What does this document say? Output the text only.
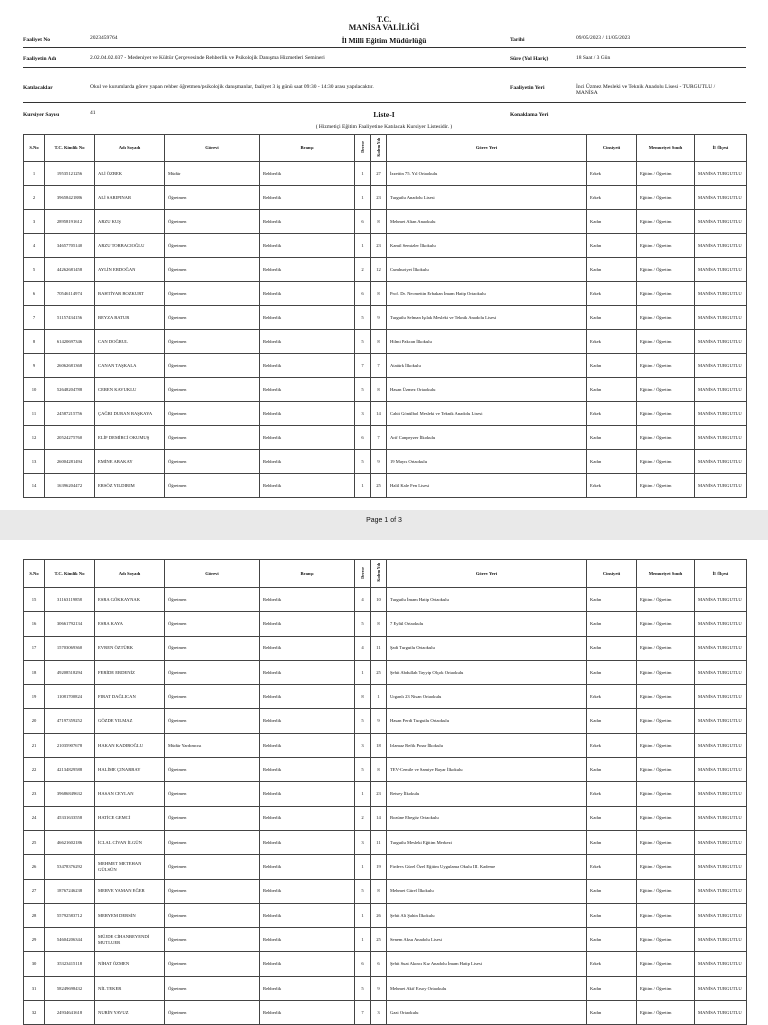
T.C.
MANİSA VALİLİĞİ
İl Milli Eğitim Müdürlüğü
Faaliyet No	2023459764	Tarihi	09/05/2023 / 11/05/2023
Faaliyetin Adı	2.02.04.02.037 - Medeniyet ve Kültür Çerçevesinde Rehberlik ve Psikolojik Danışma Hizmetleri Semineri	Süre (Yol Hariç)	18 Saat / 3 Gün
Katılacaklar	Okul ve kurumlarda görev yapan rehber öğretmen/psikolojik danışmanlar, faaliyet 3 iş günü saat 09:30 - 14:30 arası yapılacaktır.	Faaliyetin Yeri	İnci Üzmez Mesleki ve Teknik Anadolu Lisesi - TURGUTLU / MANİSA
Kursiyer Sayısı	41	Konaklama Yeri
Liste-I
( Hizmetiçi Eğitim Faaliyetine Katılacak Kursiyer Listesidir. )
S.No	T.C. Kimlik No	Adı Soyadı	Görevi	Branşı	Derece	Kıdem Yılı	Görev Yeri	Cinsiyeti	Memuriyet Sınıfı	İl /İlçesi
1	19535121256	ALİ ÖZBEK	Müdür	Rehberlik	1	27	İzzettin 75. Yıl Ortaokulu	Erkek	Eğitim / Öğretim	MANİSA TURGUTLU
2	39658421886	ALİ SARIPINAR	Öğretmen	Rehberlik	1	23	Turgutlu Anadolu Lisesi	Erkek	Eğitim / Öğretim	MANİSA TURGUTLU
3	28958191612	ARZU KUŞ	Öğretmen	Rehberlik	6	8	Mehmet Altan Anaokulu	Kadın	Eğitim / Öğretim	MANİSA TURGUTLU
4	34657705140	ARZU TORBACIOĞLU	Öğretmen	Rehberlik	1	23	Kamil Semizler İlkokulu	Kadın	Eğitim / Öğretim	MANİSA TURGUTLU
5	44262681458	AYLİN ERDOĞAN	Öğretmen	Rehberlik	2	12	Cumhuriyet İlkokulu	Kadın	Eğitim / Öğretim	MANİSA TURGUTLU
6	70546114974	BAHTİYAR BOZKURT	Öğretmen	Rehberlik	6	8	Prof. Dr. Necmettin Erbakan İmam Hatip Ortaokulu	Erkek	Eğitim / Öğretim	MANİSA TURGUTLU
7	51157434156	BEYZA BATUR	Öğretmen	Rehberlik	5	9	Turgutlu Selman Işılak Mesleki ve Teknik Anadolu Lisesi	Kadın	Eğitim / Öğretim	MANİSA TURGUTLU
8	61420697346	CAN DOĞRUL	Öğretmen	Rehberlik	5	8	Hilmi Pakcan İlkokulu	Erkek	Eğitim / Öğretim	MANİSA TURGUTLU
9	26062681368	CANAN TAŞKALA	Öğretmen	Rehberlik	7	7	Atatürk İlkokulu	Kadın	Eğitim / Öğretim	MANİSA TURGUTLU
10	52648204788	CEREN KAVUKLU	Öğretmen	Rehberlik	5	8	Hasan Üzmez Ortaokulu	Kadın	Eğitim / Öğretim	MANİSA TURGUTLU
11	24587215756	ÇAĞRI DURAN BAŞKAYA	Öğretmen	Rehberlik	3	14	Cahit Gönülbol Mesleki ve Teknik Anadolu Lisesi	Erkek	Eğitim / Öğretim	MANİSA TURGUTLU
12	20524275760	ELİF DEMİRCİ OKUMUŞ	Öğretmen	Rehberlik	6	7	Arif Canpeyzer İlkokulu	Kadın	Eğitim / Öğretim	MANİSA TURGUTLU
13	26004281494	EMİNE ABAKAY	Öğretmen	Rehberlik	5	9	19 Mayıs Ortaokulu	Kadın	Eğitim / Öğretim	MANİSA TURGUTLU
14	16396204472	ERSÖZ YILDIRIM	Öğretmen	Rehberlik	1	25	Halil Kale Fen Lisesi	Erkek	Eğitim / Öğretim	MANİSA TURGUTLU
Page 1 of 3
S.No	T.C. Kimlik No	Adı Soyadı	Görevi	Branşı	Derece	Kıdem Yılı	Görev Yeri	Cinsiyeti	Memuriyet Sınıfı	İl /İlçesi
15	31163119858	ESRA GÖKKAYNAK	Öğretmen	Rehberlik	4	10	Turgutlu İmam Hatip Ortaokulu	Kadın	Eğitim / Öğretim	MANİSA TURGUTLU
16	30661792134	ESRA KAYA	Öğretmen	Rehberlik	5	8	7 Eylül Ortaokulu	Kadın	Eğitim / Öğretim	MANİSA TURGUTLU
17	15703069360	EVREN ÖZTÜRK	Öğretmen	Rehberlik	4	11	Şadi Turgutlu Ortaokulu	Kadın	Eğitim / Öğretim	MANİSA TURGUTLU
18	49208518294	FERİDE ERDENİZ	Öğretmen	Rehberlik	1	25	Şehit Abdullah Tayyip Olçok Ortaokulu	Kadın	Eğitim / Öğretim	MANİSA TURGUTLU
19	11081700824	FIRAT DAĞLICAN	Öğretmen	Rehberlik	8	1	Urganlı 23 Nisan Ortaokulu	Erkek	Eğitim / Öğretim	MANİSA TURGUTLU
20	47197359252	GÖZDE YILMAZ	Öğretmen	Rehberlik	5	9	Hasan Ferdi Turgutlu Ortaokulu	Kadın	Eğitim / Öğretim	MANİSA TURGUTLU
21	21035907678	HAKAN KADIROĞLU	Müdür Yardımcısı	Rehberlik	3	18	Irlamaz Refik Pınar İlkokulu	Erkek	Eğitim / Öğretim	MANİSA TURGUTLU
22	42134829588	HALİME ÇINARBAY	Öğretmen	Rehberlik	5	8	TEV-Cemile ve Samiye Bayar İlkokulu	Kadın	Eğitim / Öğretim	MANİSA TURGUTLU
23	39686849632	HASAN CEYLAN	Öğretmen	Rehberlik	1	23	Retsey İlkokulu	Erkek	Eğitim / Öğretim	MANİSA TURGUTLU
24	45331633558	HATİCE GEMCİ	Öğretmen	Rehberlik	2	14	Bozüne Ebegöz Ortaokulu	Kadın	Eğitim / Öğretim	MANİSA TURGUTLU
25	46621602186	İCLAL CİVAN İLGÜN	Öğretmen	Rehberlik	3	11	Turgutlu Mesleki Eğitim Merkezi	Kadın	Eğitim / Öğretim	MANİSA TURGUTLU
26	53478376292	MEHMET METEHAN GÜLSÜN	Öğretmen	Rehberlik	1	19	Firdevs Gürel Özel Eğitim Uygulama Okulu III. Kademe	Erkek	Eğitim / Öğretim	MANİSA TURGUTLU
27	18767246238	MERVE YAMAN EĞER	Öğretmen	Rehberlik	5	8	Mehmet Gürel İlkokulu	Kadın	Eğitim / Öğretim	MANİSA TURGUTLU
28	55792583712	MERYEM DERSİN	Öğretmen	Rehberlik	1	26	Şehit Ali Şahin İlkokulu	Kadın	Eğitim / Öğretim	MANİSA TURGUTLU
29	54604206344	MÜJDE CİHANBEYENDİ MUTLUER	Öğretmen	Rehberlik	1	25	Senem Aksu Anadolu Lisesi	Kadın	Eğitim / Öğretim	MANİSA TURGUTLU
30	35323415118	NİHAT ÖZMEN	Öğretmen	Rehberlik	6	6	Şehit Suat Akıncı Kız Anadolu İmam Hatip Lisesi	Erkek	Eğitim / Öğretim	MANİSA TURGUTLU
31	58249698432	NİL TEKER	Öğretmen	Rehberlik	5	9	Mehmet Akif Ersoy Ortaokulu	Kadın	Eğitim / Öğretim	MANİSA TURGUTLU
32	24934641618	NURİN YAVUZ	Öğretmen	Rehberlik	7	3	Gazi Ortaokulu	Kadın	Eğitim / Öğretim	MANİSA TURGUTLU
